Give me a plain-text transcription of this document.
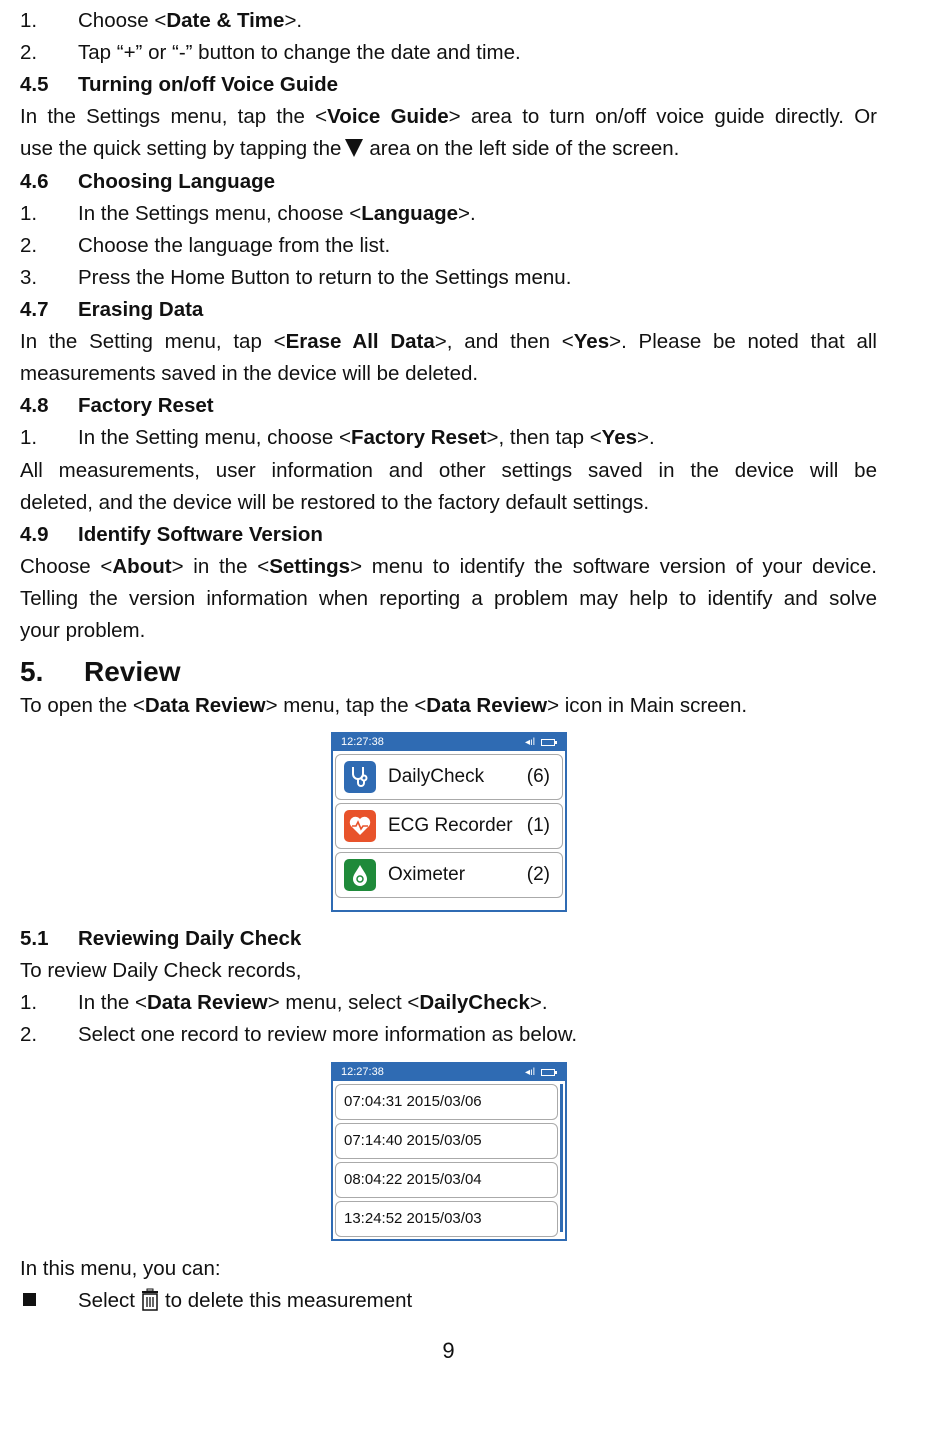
1. Choose <Date & Time>.
2. Tap “+” or “-” button to change the date and time.
4.5 Turning on/off Voice Guide
In the Settings menu, tap the <Voice Guide> area to turn on/off voice guide directly. Or
use the quick setting by tapping the area on the left side of the screen.
4.6 Choosing Language
1. In the Settings menu, choose <Language>.
2. Choose the language from the list.
3. Press the Home Button to return to the Settings menu.
4.7 Erasing Data
In the Setting menu, tap <Erase All Data>, and then <Yes>. Please be noted that all
measurements saved in the device will be deleted.
4.8 Factory Reset
1. In the Setting menu, choose <Factory Reset>, then tap <Yes>.
All measurements, user information and other settings saved in the device will be
deleted, and the device will be restored to the factory default settings.
4.9 Identify Software Version
Choose <About> in the <Settings> menu to identify the software version of your device.
Telling the version information when reporting a problem may help to identify and solve
your problem.
5. Review
To open the <Data Review> menu, tap the <Data Review> icon in Main screen.
12:27:38	◂ıl
DailyCheck (6)
ECG Recorder (1)
Oximeter	(2)
5.1 Reviewing Daily Check
To review Daily Check records,
1. In the <Data Review> menu, select <DailyCheck>.
2. Select one record to review more information as below.
12:27:38	◂ıl
07:04:31 2015/03/06
07:14:40 2015/03/05
08:04:22 2015/03/04
13:24:52 2015/03/03
In this menu, you can:
Select to delete this measurement
9
